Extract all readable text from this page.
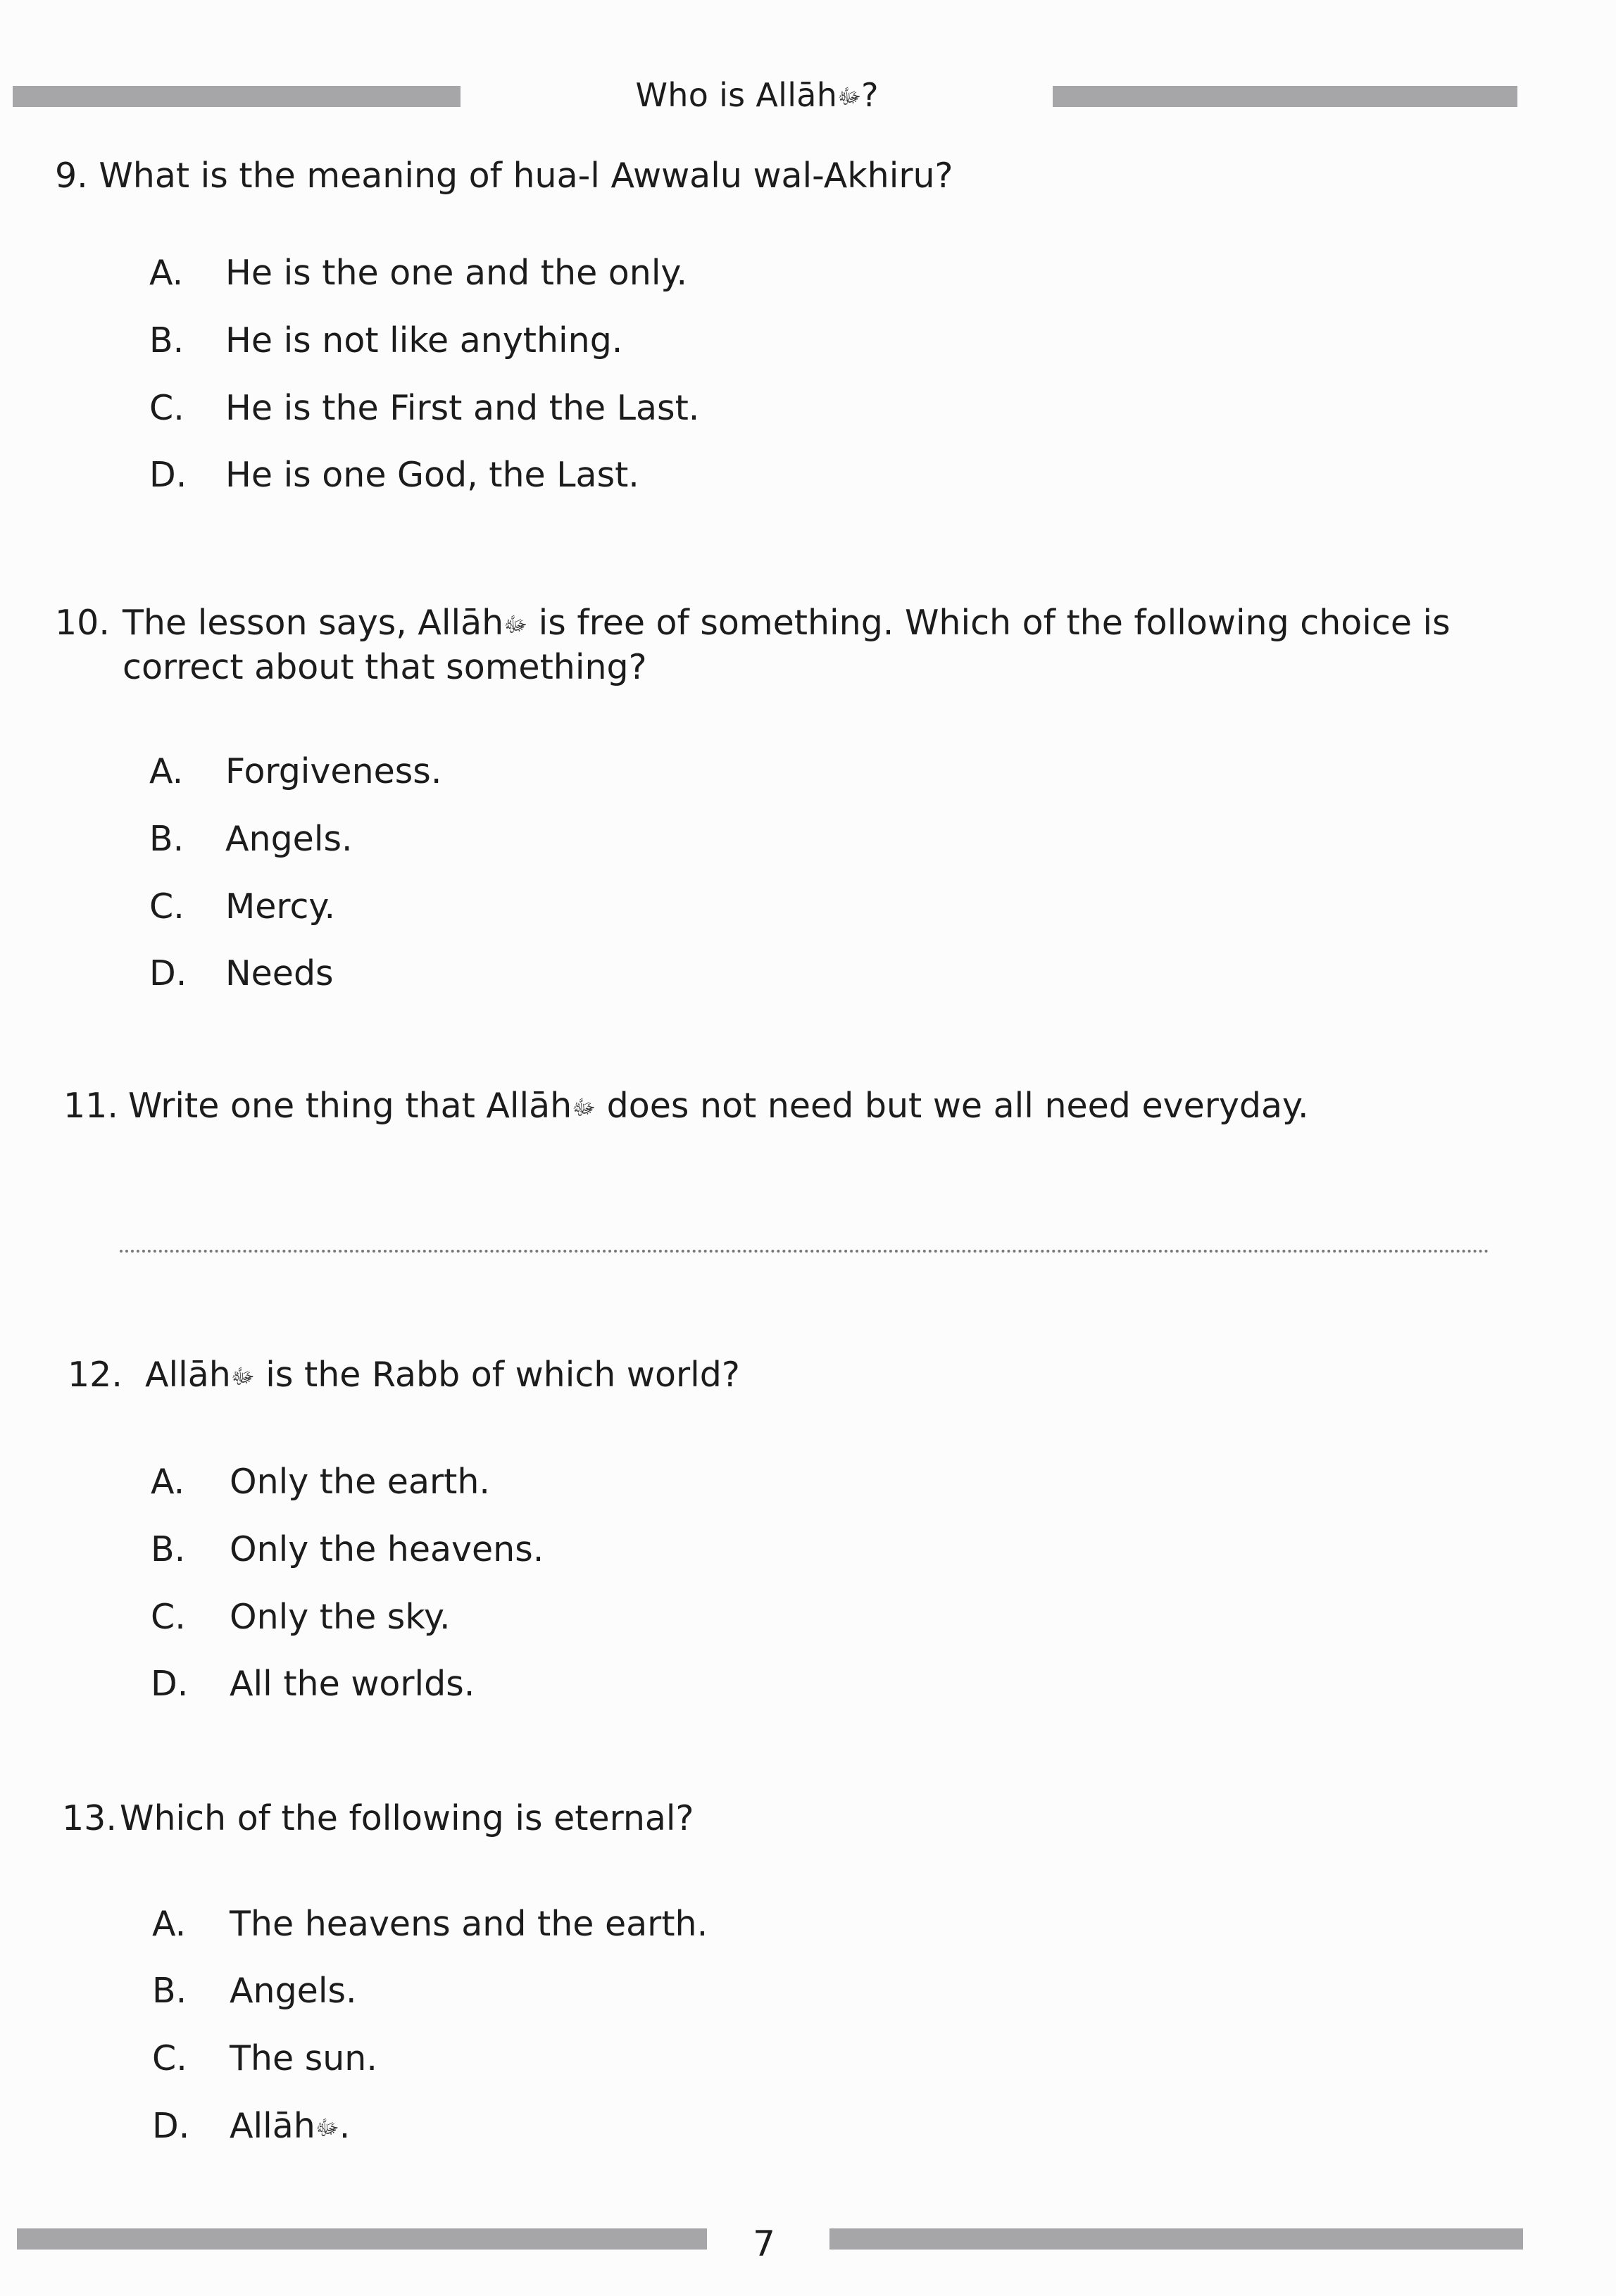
Who is Allāhﷻ?
9. What is the meaning of hua-l Awwalu wal-Akhiru?
A. He is the one and the only.
B. He is not like anything.
C. He is the First and the Last.
D. He is one God, the Last.
10. The lesson says, Allāhﷻ is free of something. Which of the following choice is
correct about that something?
A. Forgiveness.
B. Angels.
C. Mercy.
D. Needs
11. Write one thing that Allāhﷻ does not need but we all need everyday.
12. Allāhﷻ is the Rabb of which world?
A. Only the earth.
B. Only the heavens.
C. Only the sky.
D. All the worlds.
13.Which of the following is eternal?
A. The heavens and the earth.
B. Angels.
C. The sun.
D. Allāhﷻ.
7
